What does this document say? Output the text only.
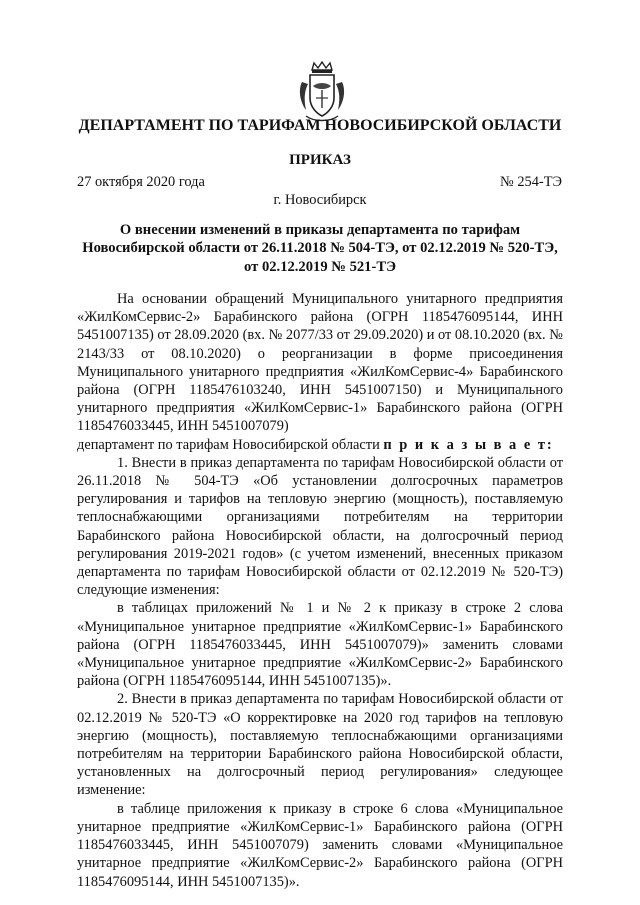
ДЕПАРТАМЕНТ ПО ТАРИФАМ НОВОСИБИРСКОЙ ОБЛАСТИ
ПРИКАЗ
27 октября 2020 года	№ 254-ТЭ
г. Новосибирск
О внесении изменений в приказы департамента по тарифам Новосибирской области от 26.11.2018 № 504-ТЭ, от 02.12.2019 № 520-ТЭ, от 02.12.2019 № 521-ТЭ

На основании обращений Муниципального унитарного предприятия «ЖилКомСервис-2» Барабинского района (ОГРН 1185476095144, ИНН 5451007135) от 28.09.2020 (вх. № 2077/33 от 29.09.2020) и от 08.10.2020 (вх. № 2143/33 от 08.10.2020) о реорганизации в форме присоединения Муниципального унитарного предприятия «ЖилКомСервис-4» Барабинского района (ОГРН 1185476103240, ИНН 5451007150) и Муниципального унитарного предприятия «ЖилКомСервис-1» Барабинского района (ОГРН 1185476033445, ИНН 5451007079)

департамент по тарифам Новосибирской области п р и к а з ы в а е т:

1. Внести в приказ департамента по тарифам Новосибирской области от 26.11.2018 № 504-ТЭ «Об установлении долгосрочных параметров регулирования и тарифов на тепловую энергию (мощность), поставляемую теплоснабжающими организациями потребителям на территории Барабинского района Новосибирской области, на долгосрочный период регулирования 2019-2021 годов» (с учетом изменений, внесенных приказом департамента по тарифам Новосибирской области от 02.12.2019 № 520-ТЭ) следующие изменения:

в таблицах приложений № 1 и № 2 к приказу в строке 2 слова «Муниципальное унитарное предприятие «ЖилКомСервис-1» Барабинского района (ОГРН 1185476033445, ИНН 5451007079)» заменить словами «Муниципальное унитарное предприятие «ЖилКомСервис-2» Барабинского района (ОГРН 1185476095144, ИНН 5451007135)».

2. Внести в приказ департамента по тарифам Новосибирской области от 02.12.2019 № 520-ТЭ «О корректировке на 2020 год тарифов на тепловую энергию (мощность), поставляемую теплоснабжающими организациями потребителям на территории Барабинского района Новосибирской области, установленных на долгосрочный период регулирования» следующее изменение:

в таблице приложения к приказу в строке 6 слова «Муниципальное унитарное предприятие «ЖилКомСервис-1» Барабинского района (ОГРН 1185476033445, ИНН 5451007079) заменить словами «Муниципальное унитарное предприятие «ЖилКомСервис-2» Барабинского района (ОГРН 1185476095144, ИНН 5451007135)».
